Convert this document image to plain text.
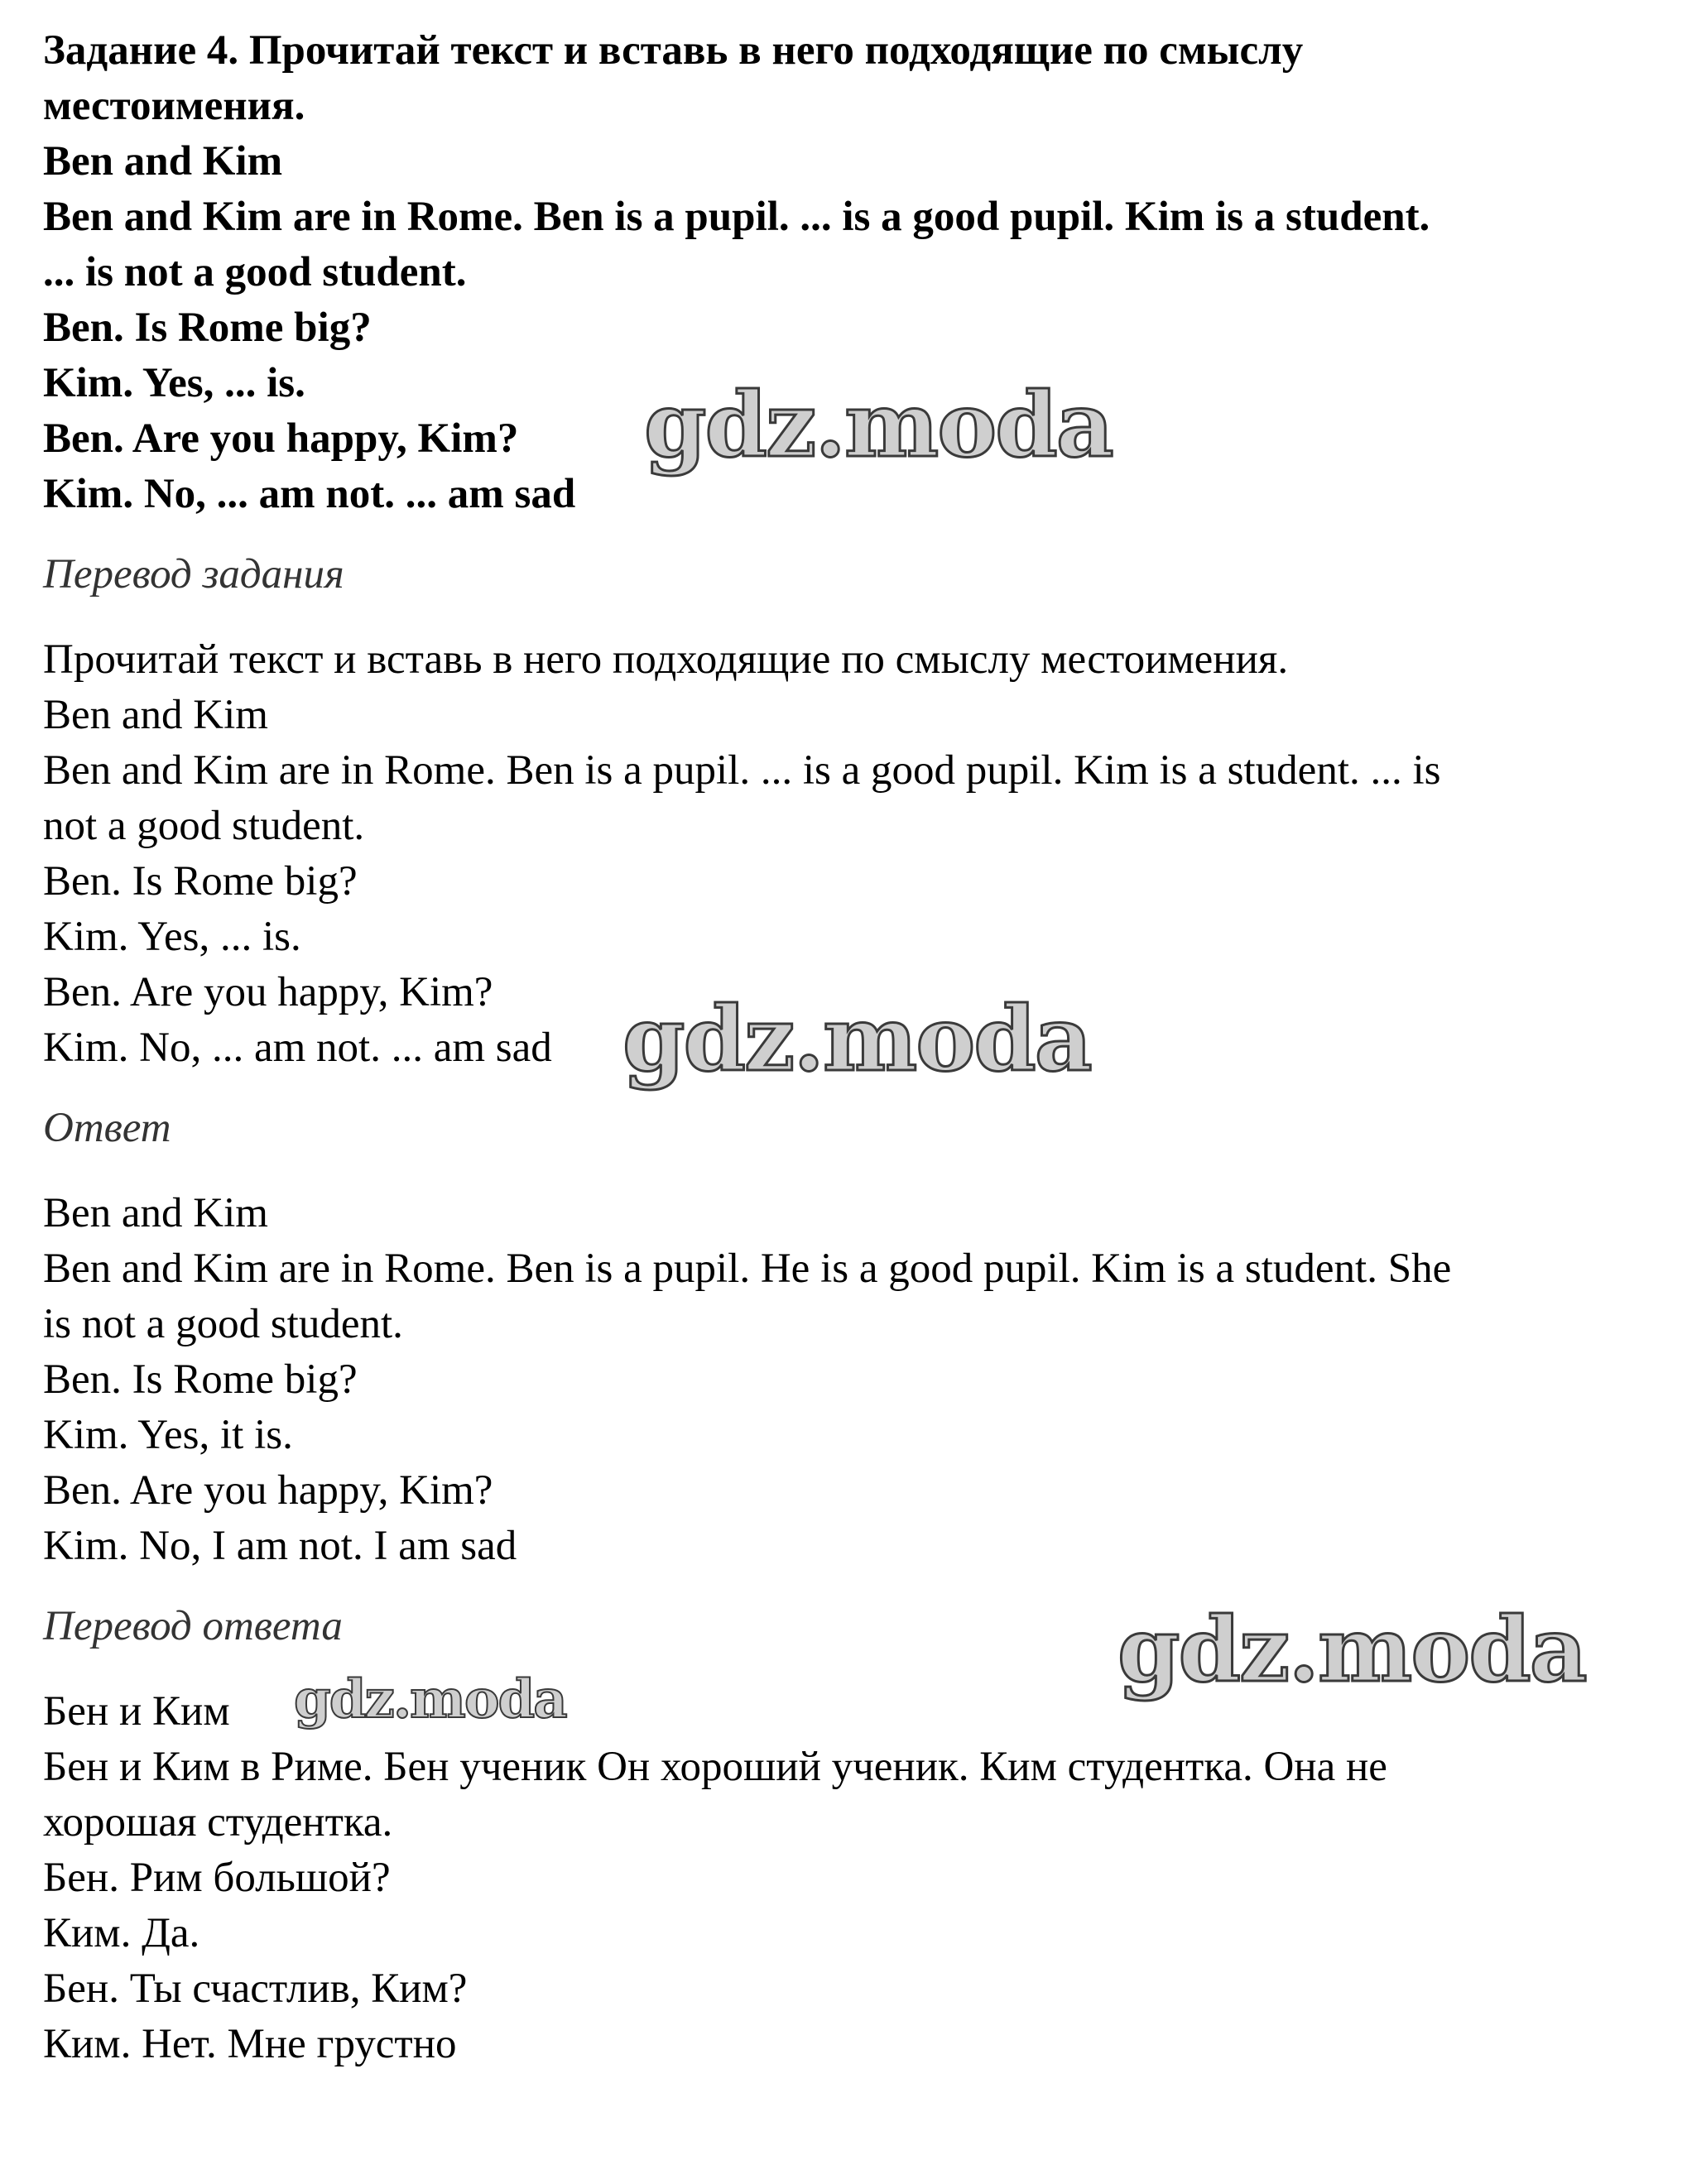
Задание 4. Прочитай текст и вставь в него подходящие по смыслу
местоимения.
Ben and Kim
Ben and Kim are in Rome. Ben is a pupil. ... is a good pupil. Kim is a student.
... is not a good student.
Ben. Is Rome big?
Kim. Yes, ... is.
Ben. Are you happy, Kim?
Kim. No, ... am not. ... am sad
Перевод задания
Прочитай текст и вставь в него подходящие по смыслу местоимения.
Ben and Kim
Ben and Kim are in Rome. Ben is a pupil. ... is a good pupil. Kim is a student. ... is
not a good student.
Ben. Is Rome big?
Kim. Yes, ... is.
Ben. Are you happy, Kim?
Kim. No, ... am not. ... am sad
Ответ
Ben and Kim
Ben and Kim are in Rome. Ben is a pupil. He is a good pupil. Kim is a student. She
is not a good student.
Ben. Is Rome big?
Kim. Yes, it is.
Ben. Are you happy, Kim?
Kim. No, I am not. I am sad
Перевод ответа
Бен и Ким
Бен и Ким в Риме. Бен ученик Он хороший ученик. Ким студентка. Она не
хорошая студентка.
Бен. Рим большой?
Ким. Да.
Бен. Ты счастлив, Ким?
Ким. Нет. Мне грустно
gdz.moda
gdz.moda
gdz.moda
gdz.moda
